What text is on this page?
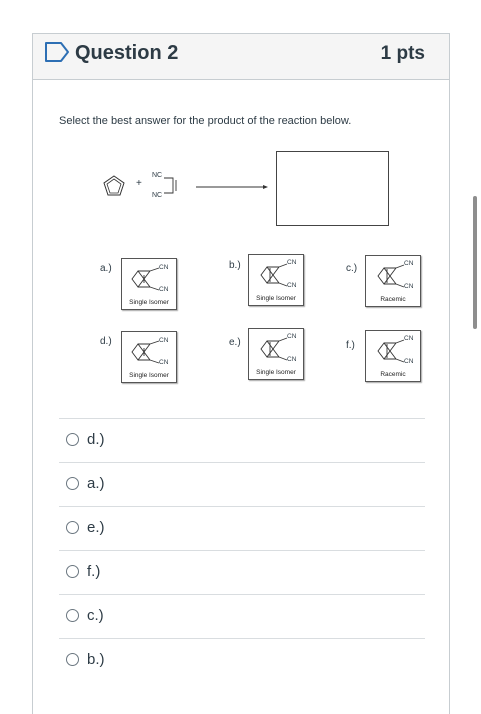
Question 2	1 pts
Select the best answer for the product of the reaction below.
+
NC
NC
a.)	CN
CN
Single Isomer
b.)	CN
CN
Single Isomer
c.)	CN
CN
Racemic
d.)	CN
CN
Single Isomer
e.)
CN
CN
Single Isomer
f.)
CN
CN
Racemic
d.)
a.)
e.)
f.)
c.)
b.)
